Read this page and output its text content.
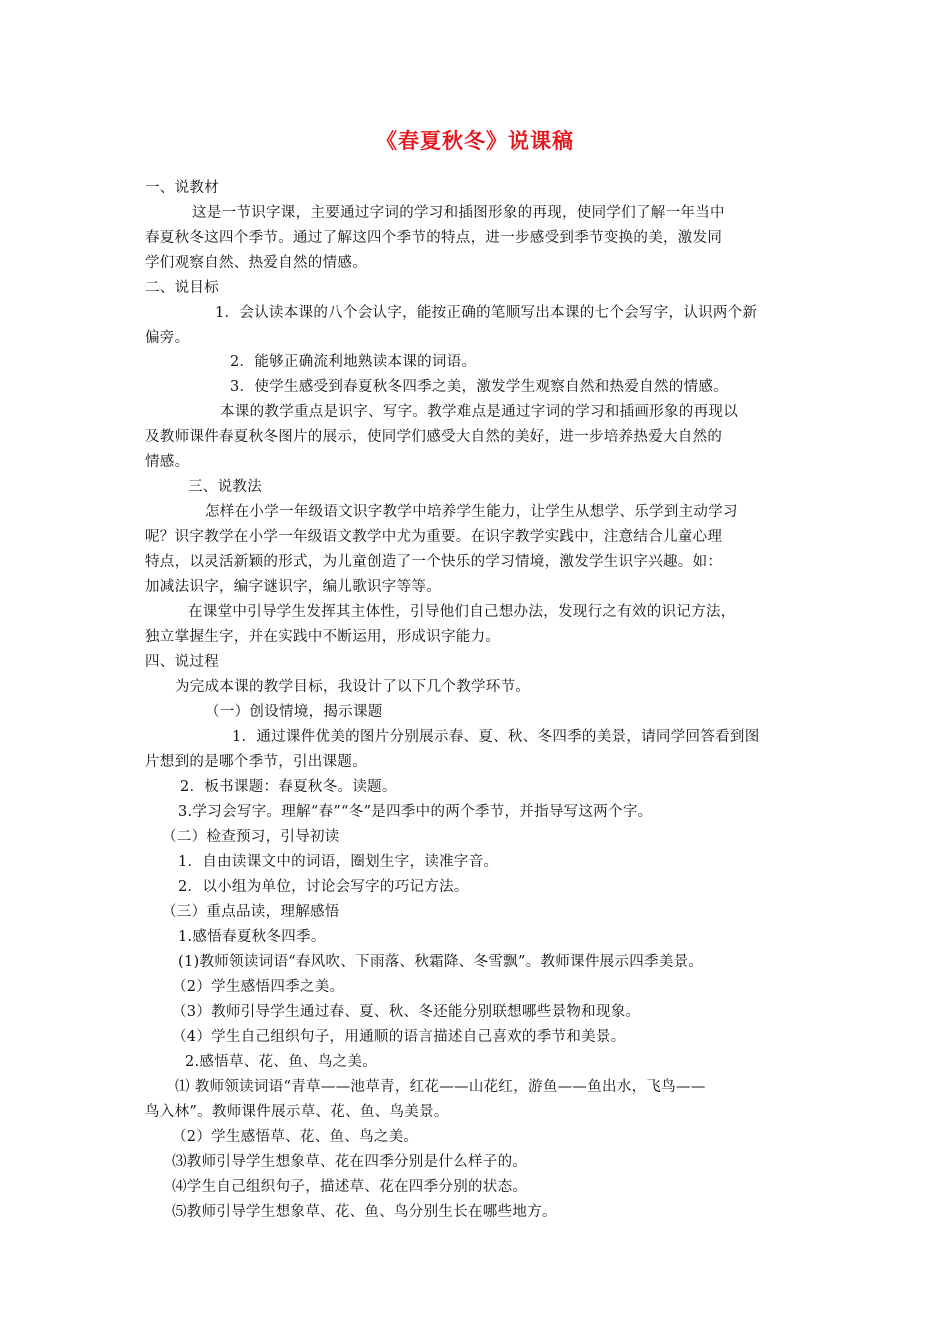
《春夏秋冬》说课稿
一、说教材
这是一节识字课，主要通过字词的学习和插图形象的再现，使同学们了解一年当中
春夏秋冬这四个季节。通过了解这四个季节的特点，进一步感受到季节变换的美，激发同
学们观察自然、热爱自然的情感。
二、说目标
1．会认读本课的八个会认字，能按正确的笔顺写出本课的七个会写字，认识两个新
偏旁。
2．能够正确流利地熟读本课的词语。
3．使学生感受到春夏秋冬四季之美，激发学生观察自然和热爱自然的情感。
本课的教学重点是识字、写字。教学难点是通过字词的学习和插画形象的再现以
及教师课件春夏秋冬图片的展示，使同学们感受大自然的美好，进一步培养热爱大自然的
情感。
三、说教法
怎样在小学一年级语文识字教学中培养学生能力，让学生从想学、乐学到主动学习
呢？识字教学在小学一年级语文教学中尤为重要。在识字教学实践中，注意结合儿童心理
特点，以灵活新颖的形式，为儿童创造了一个快乐的学习情境，激发学生识字兴趣。如：
加减法识字，编字谜识字，编儿歌识字等等。
在课堂中引导学生发挥其主体性，引导他们自己想办法，发现行之有效的识记方法，
独立掌握生字，并在实践中不断运用，形成识字能力。
四、说过程
为完成本课的教学目标，我设计了以下几个教学环节。
（一）创设情境，揭示课题
1．通过课件优美的图片分别展示春、夏、秋、冬四季的美景，请同学回答看到图
片想到的是哪个季节，引出课题。
2．板书课题：春夏秋冬。读题。
3.学习会写字。理解“春”“冬”是四季中的两个季节，并指导写这两个字。
（二）检查预习，引导初读
1．自由读课文中的词语，圈划生字，读准字音。
2．以小组为单位，讨论会写字的巧记方法。
（三）重点品读，理解感悟
1.感悟春夏秋冬四季。
(1)教师领读词语“春风吹、下雨落、秋霜降、冬雪飘”。教师课件展示四季美景。
（2）学生感悟四季之美。
（3）教师引导学生通过春、夏、秋、冬还能分别联想哪些景物和现象。
（4）学生自己组织句子，用通顺的语言描述自己喜欢的季节和美景。
2.感悟草、花、鱼、鸟之美。
⑴ 教师领读词语“青草——池草青，红花——山花红，游鱼——鱼出水，飞鸟——
鸟入林”。教师课件展示草、花、鱼、鸟美景。
（2）学生感悟草、花、鱼、鸟之美。
⑶教师引导学生想象草、花在四季分别是什么样子的。
⑷学生自己组织句子，描述草、花在四季分别的状态。
⑸教师引导学生想象草、花、鱼、鸟分别生长在哪些地方。
